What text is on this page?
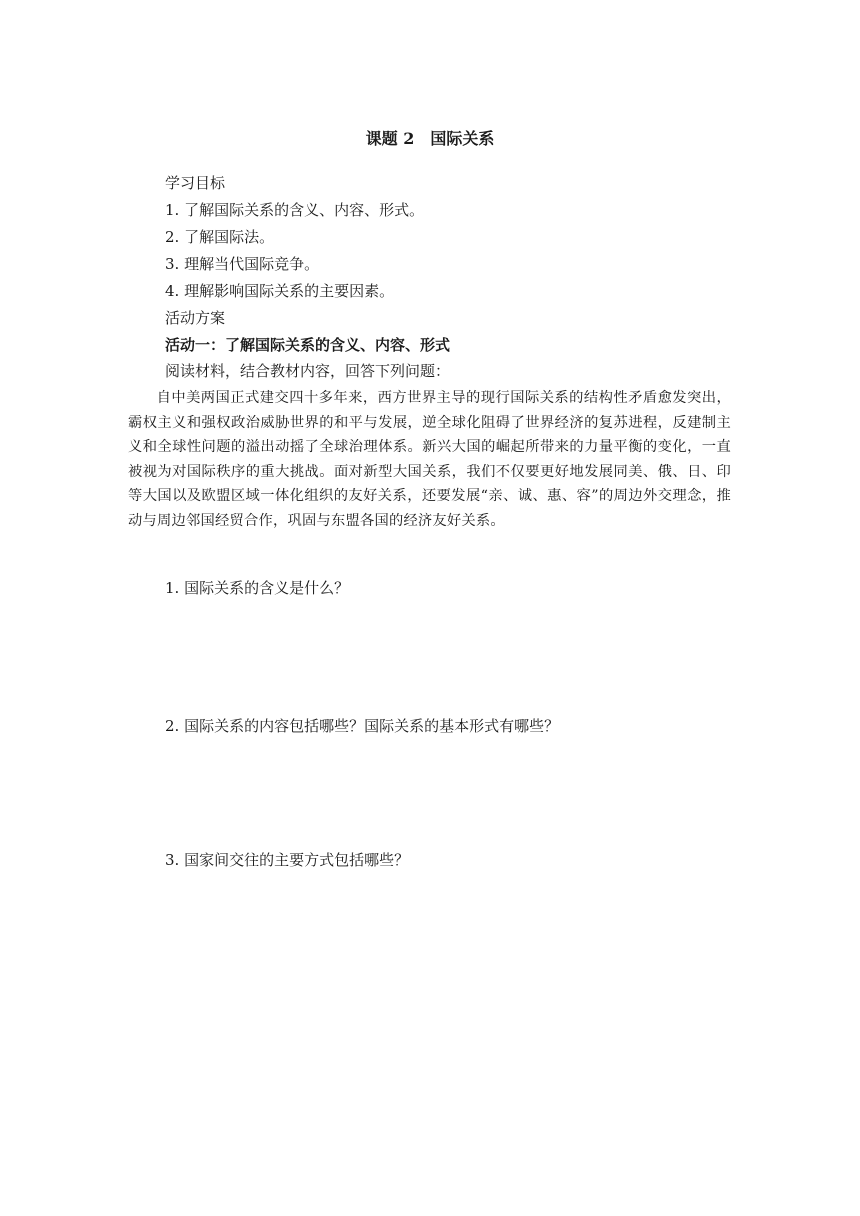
课题 2　国际关系
学习目标
1. 了解国际关系的含义、内容、形式。
2. 了解国际法。
3. 理解当代国际竞争。
4. 理解影响国际关系的主要因素。
活动方案
活动一：了解国际关系的含义、内容、形式
阅读材料，结合教材内容，回答下列问题：
自中美两国正式建交四十多年来，西方世界主导的现行国际关系的结构性矛盾愈发突出，霸权主义和强权政治威胁世界的和平与发展，逆全球化阻碍了世界经济的复苏进程，反建制主义和全球性问题的溢出动摇了全球治理体系。新兴大国的崛起所带来的力量平衡的变化，一直被视为对国际秩序的重大挑战。面对新型大国关系，我们不仅要更好地发展同美、俄、日、印等大国以及欧盟区域一体化组织的友好关系，还要发展“亲、诚、惠、容”的周边外交理念，推动与周边邻国经贸合作，巩固与东盟各国的经济友好关系。
1. 国际关系的含义是什么？
2. 国际关系的内容包括哪些？国际关系的基本形式有哪些？
3. 国家间交往的主要方式包括哪些？
